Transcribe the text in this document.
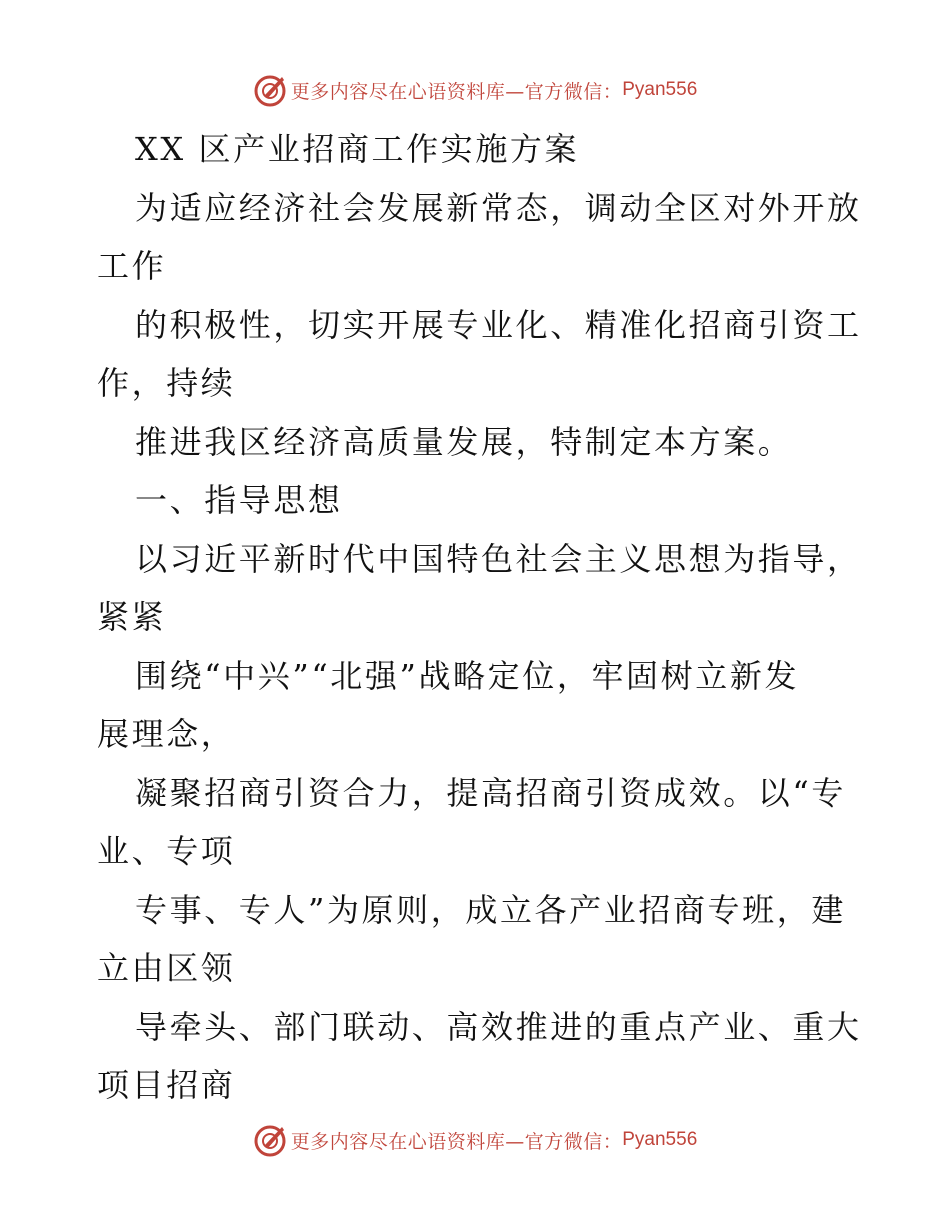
更多内容尽在心语资料库—官方微信： Pyan556
XX 区产业招商工作实施方案
为适应经济社会发展新常态，调动全区对外开放
工作
的积极性，切实开展专业化、精准化招商引资工
作，持续
推进我区经济高质量发展，特制定本方案。
一、指导思想
以习近平新时代中国特色社会主义思想为指导，
紧紧
围绕“中兴”“北强”战略定位，牢固树立新发
展理念，
凝聚招商引资合力，提高招商引资成效。以“专
业、专项
专事、专人”为原则，成立各产业招商专班，建
立由区领
导牵头、部门联动、高效推进的重点产业、重大
项目招商
更多内容尽在心语资料库—官方微信： Pyan556
